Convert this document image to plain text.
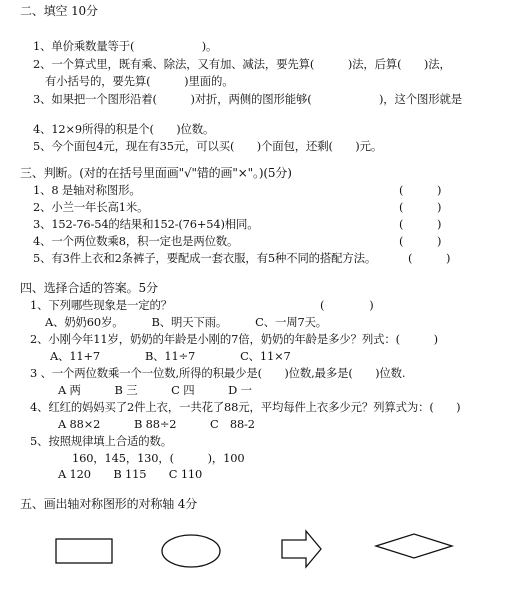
二、填空 10分
1、单价乘数量等于(　　　　　　)。
2、一个算式里，既有乘、除法，又有加、减法，要先算(　　　)法，后算(　　)法，
有小括号的，要先算(　　　)里面的。
3、如果把一个图形沿着(　　　)对折，两侧的图形能够(　　　　　　)，这个图形就是
4、12×9所得的积是个(　　)位数。
5、今个面包4元，现在有35元，可以买(　　)个面包，还剩(　　)元。
三、判断。(对的在括号里面画"√"错的画"×"。)(5分)
1、8 是轴对称图形。	(　　　)
2、小兰一年长高1米。	(　　　)
3、152-76-54的结果和152-(76+54)相同。	(　　　)
4、一个两位数乘8，积一定也是两位数。	(　　　)
5、有3件上衣和2条裤子，要配成一套衣服，有5种不同的搭配方法。	(　　　)
四、选择合适的答案。5分
1、下列哪些现象是一定的？	(　　　　)
A、奶奶60岁。　　　B、明天下雨。　　　C、一周7天。
2、小刚今年11岁，奶奶的年龄是小刚的7倍，奶奶的年龄是多少？列式：(　　　)
A、11+7　　　　B、11÷7　　　　C、11×7
3 、一个两位数乘一个一位数,所得的积最少是(　　)位数,最多是(　　)位数.
A 两　　　B 三　　　C 四　　　D 一
4、红红的妈妈买了2件上衣，一共花了88元，平均每件上衣多少元？列算式为：(　　)
A 88×2　　　B 88÷2　　　C　88-2
5、按照规律填上合适的数。
160，145，130，(　　　)，100
A 120　　B 115　　C 110
五、画出轴对称图形的对称轴 4分
